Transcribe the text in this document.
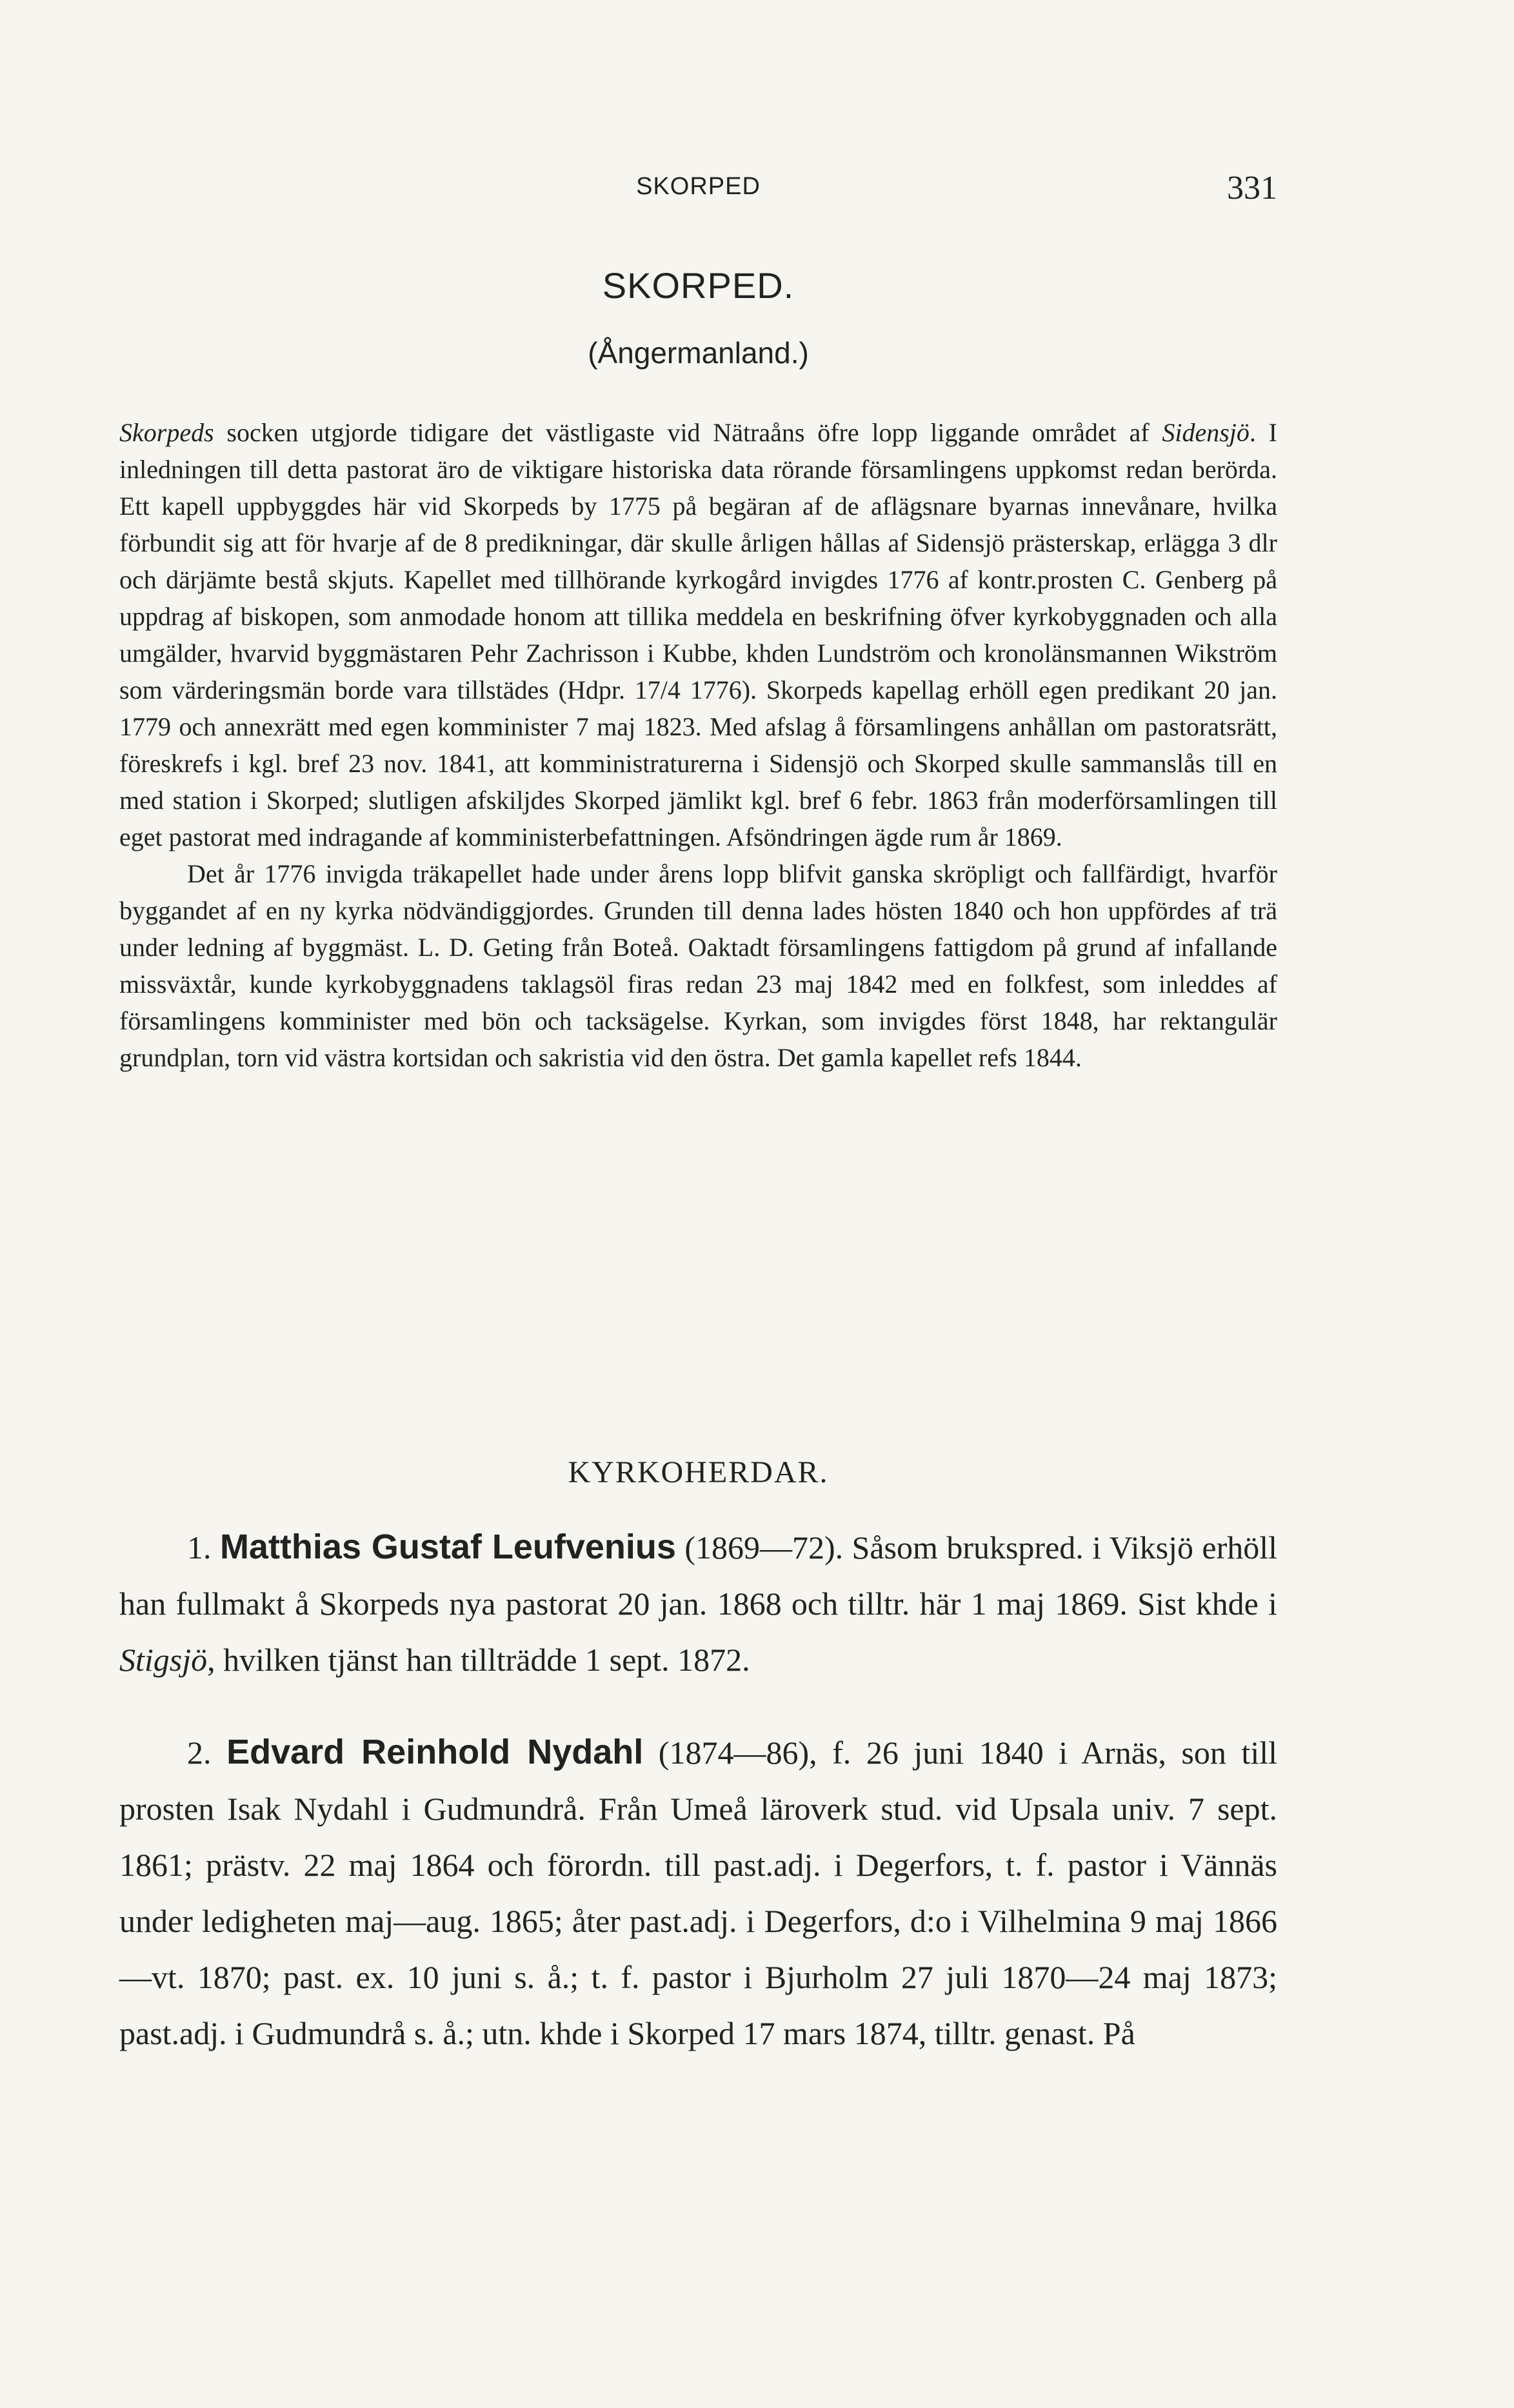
SKORPED	331
SKORPED.
(Ångermanland.)

Skorpeds socken utgjorde tidigare det västligaste vid Nätraåns öfre lopp liggande området af Sidensjö. I inledningen till detta pastorat äro de viktigare historiska data rörande församlingens uppkomst redan berörda. Ett kapell uppbyggdes här vid Skorpeds by 1775 på begäran af de aflägsnare byarnas innevånare, hvilka förbundit sig att för hvarje af de 8 predikningar, där skulle årligen hållas af Sidensjö prästerskap, erlägga 3 dlr och därjämte bestå skjuts. Kapellet med tillhörande kyrkogård invigdes 1776 af kontr.prosten C. Genberg på uppdrag af biskopen, som anmodade honom att tillika meddela en beskrifning öfver kyrkobyggnaden och alla umgälder, hvarvid byggmästaren Pehr Zachrisson i Kubbe, khden Lundström och kronolänsmannen Wikström som värderingsmän borde vara tillstädes (Hdpr. 17/4 1776). Skorpeds kapellag erhöll egen predikant 20 jan. 1779 och annexrätt med egen komminister 7 maj 1823. Med afslag å församlingens anhållan om pastoratsrätt, föreskrefs i kgl. bref 23 nov. 1841, att komministraturerna i Sidensjö och Skorped skulle sammanslås till en med station i Skorped; slutligen afskiljdes Skorped jämlikt kgl. bref 6 febr. 1863 från moderförsamlingen till eget pastorat med indragande af komministerbefattningen. Afsöndringen ägde rum år 1869.

Det år 1776 invigda träkapellet hade under årens lopp blifvit ganska skröpligt och fallfärdigt, hvarför byggandet af en ny kyrka nödvändiggjordes. Grunden till denna lades hösten 1840 och hon uppfördes af trä under ledning af byggmäst. L. D. Geting från Boteå. Oaktadt församlingens fattigdom på grund af infallande missväxtår, kunde kyrkobyggnadens taklagsöl firas redan 23 maj 1842 med en folkfest, som inleddes af församlingens komminister med bön och tacksägelse. Kyrkan, som invigdes först 1848, har rektangulär grundplan, torn vid västra kortsidan och sakristia vid den östra. Det gamla kapellet refs 1844.

KYRKOHERDAR.

1. Matthias Gustaf Leufvenius (1869—72). Såsom brukspred. i Viksjö erhöll han fullmakt å Skorpeds nya pastorat 20 jan. 1868 och tilltr. här 1 maj 1869. Sist khde i Stigsjö, hvilken tjänst han tillträdde 1 sept. 1872.

2. Edvard Reinhold Nydahl (1874—86), f. 26 juni 1840 i Arnäs, son till prosten Isak Nydahl i Gudmundrå. Från Umeå läroverk stud. vid Upsala univ. 7 sept. 1861; prästv. 22 maj 1864 och förordn. till past.adj. i Degerfors, t. f. pastor i Vännäs under ledigheten maj—aug. 1865; åter past.adj. i Degerfors, d:o i Vilhelmina 9 maj 1866—vt. 1870; past. ex. 10 juni s. å.; t. f. pastor i Bjurholm 27 juli 1870—24 maj 1873; past.adj. i Gudmundrå s. å.; utn. khde i Skorped 17 mars 1874, tilltr. genast. På
